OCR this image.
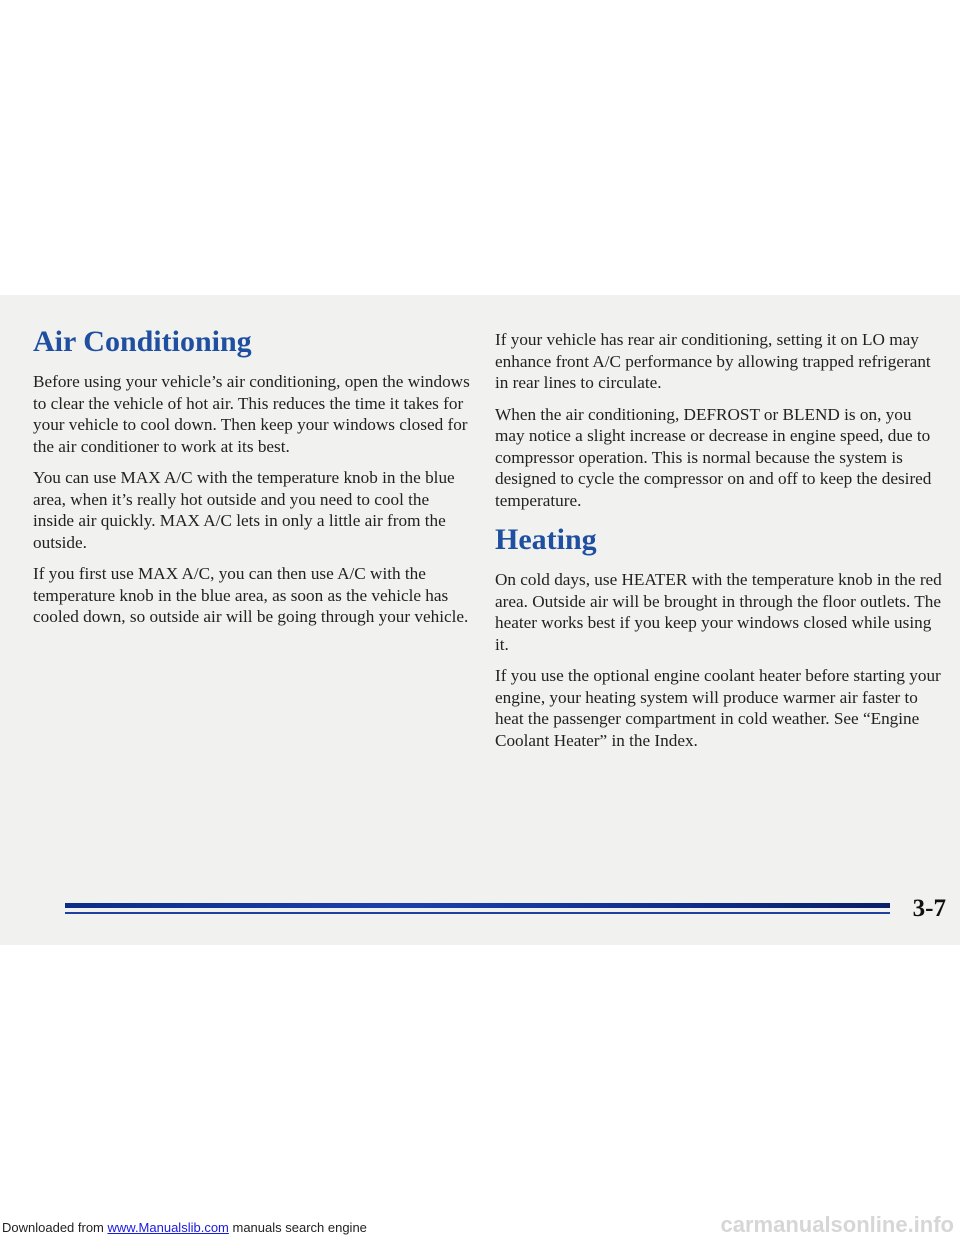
Air Conditioning

Before using your vehicle’s air conditioning, open the windows to clear the vehicle of hot air. This reduces the time it takes for your vehicle to cool down. Then keep your windows closed for the air conditioner to work at its best.

You can use MAX A/C with the temperature knob in the blue area, when it’s really hot outside and you need to cool the inside air quickly. MAX A/C lets in only a little air from the outside.

If you first use MAX A/C, you can then use A/C with the temperature knob in the blue area, as soon as the vehicle has cooled down, so outside air will be going through your vehicle.

If your vehicle has rear air conditioning, setting it on LO may enhance front A/C performance by allowing trapped refrigerant in rear lines to circulate.

When the air conditioning, DEFROST or BLEND is on, you may notice a slight increase or decrease in engine speed, due to compressor operation. This is normal because the system is designed to cycle the compressor on and off to keep the desired temperature.

Heating

On cold days, use HEATER with the temperature knob in the red area. Outside air will be brought in through the floor outlets. The heater works best if you keep your windows closed while using it.

If you use the optional engine coolant heater before starting your engine, your heating system will produce warmer air faster to heat the passenger compartment in cold weather. See “Engine Coolant Heater” in the Index.

3-7
Downloaded from www.Manualslib.com manuals search engine	carmanualsonline.info
